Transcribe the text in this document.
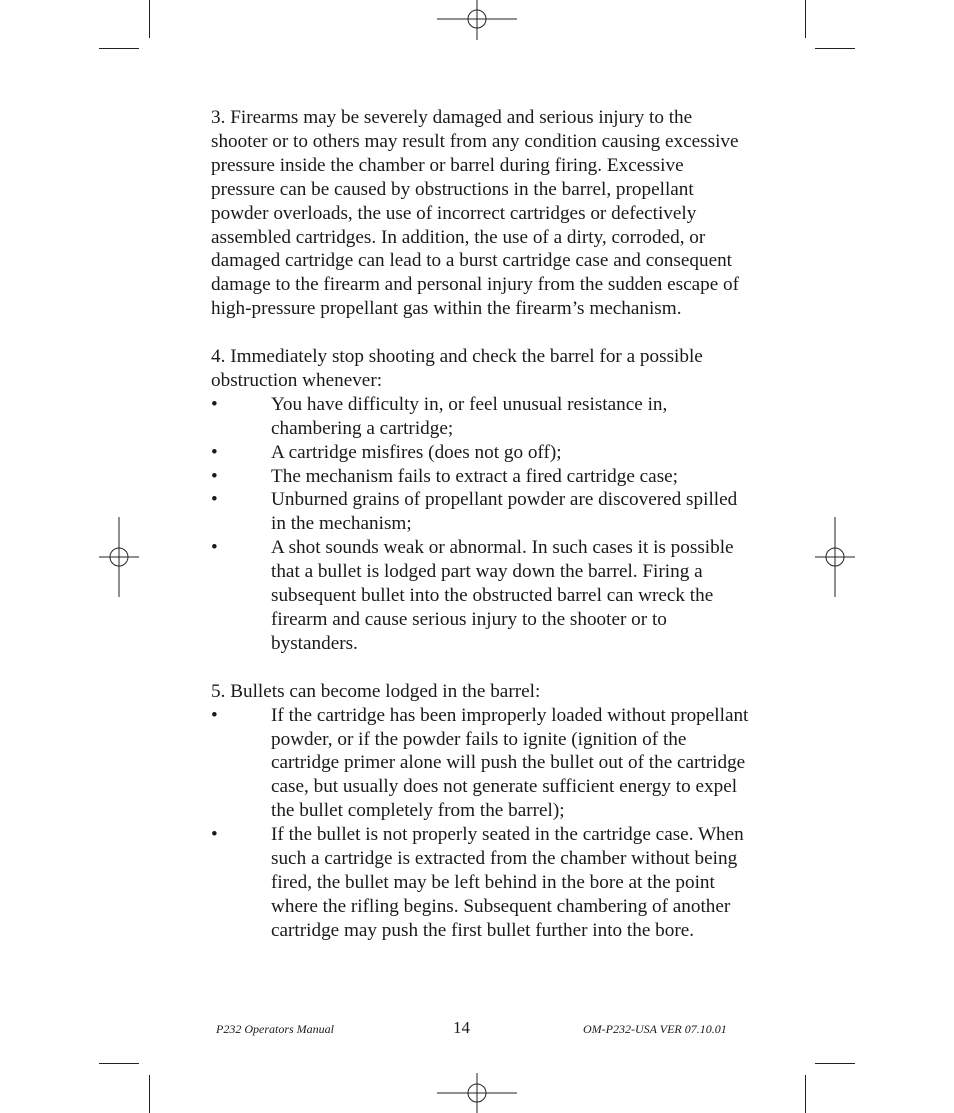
3. Firearms may be severely damaged and serious injury to the shooter or to others may result from any condition causing excessive pressure inside the chamber or barrel during firing. Excessive pressure can be caused by obstructions in the barrel, propellant powder overloads, the use of incorrect cartridges or defectively assembled cartridges. In addition, the use of a dirty, corroded, or damaged cartridge can lead to a burst cartridge case and consequent damage to the firearm and personal injury from the sudden escape of high-pressure propellant gas within the firearm’s mechanism.

4. Immediately stop shooting and check the barrel for a possible obstruction whenever:

•	You have difficulty in, or feel unusual resistance in, chambering a cartridge;
•	A cartridge misfires (does not go off);
•	The mechanism fails to extract a fired cartridge case;
•	Unburned grains of propellant powder are discovered spilled in the mechanism;
•	A shot sounds weak or abnormal. In such cases it is possible that a bullet is lodged part way down the barrel. Firing a subsequent bullet into the obstructed barrel can wreck the firearm and cause serious injury to the shooter or to bystanders.

5. Bullets can become lodged in the barrel:

•	If the cartridge has been improperly loaded without propellant powder, or if the powder fails to ignite (ignition of the cartridge primer alone will push the bullet out of the cartridge case, but usually does not generate sufficient energy to expel the bullet completely from the barrel);
•	If the bullet is not properly seated in the cartridge case. When such a cartridge is extracted from the chamber without being fired, the bullet may be left behind in the bore at the point where the rifling begins. Subsequent chambering of another cartridge may push the first bullet further into the bore.
P232 Operators Manual	14	OM-P232-USA VER 07.10.01
